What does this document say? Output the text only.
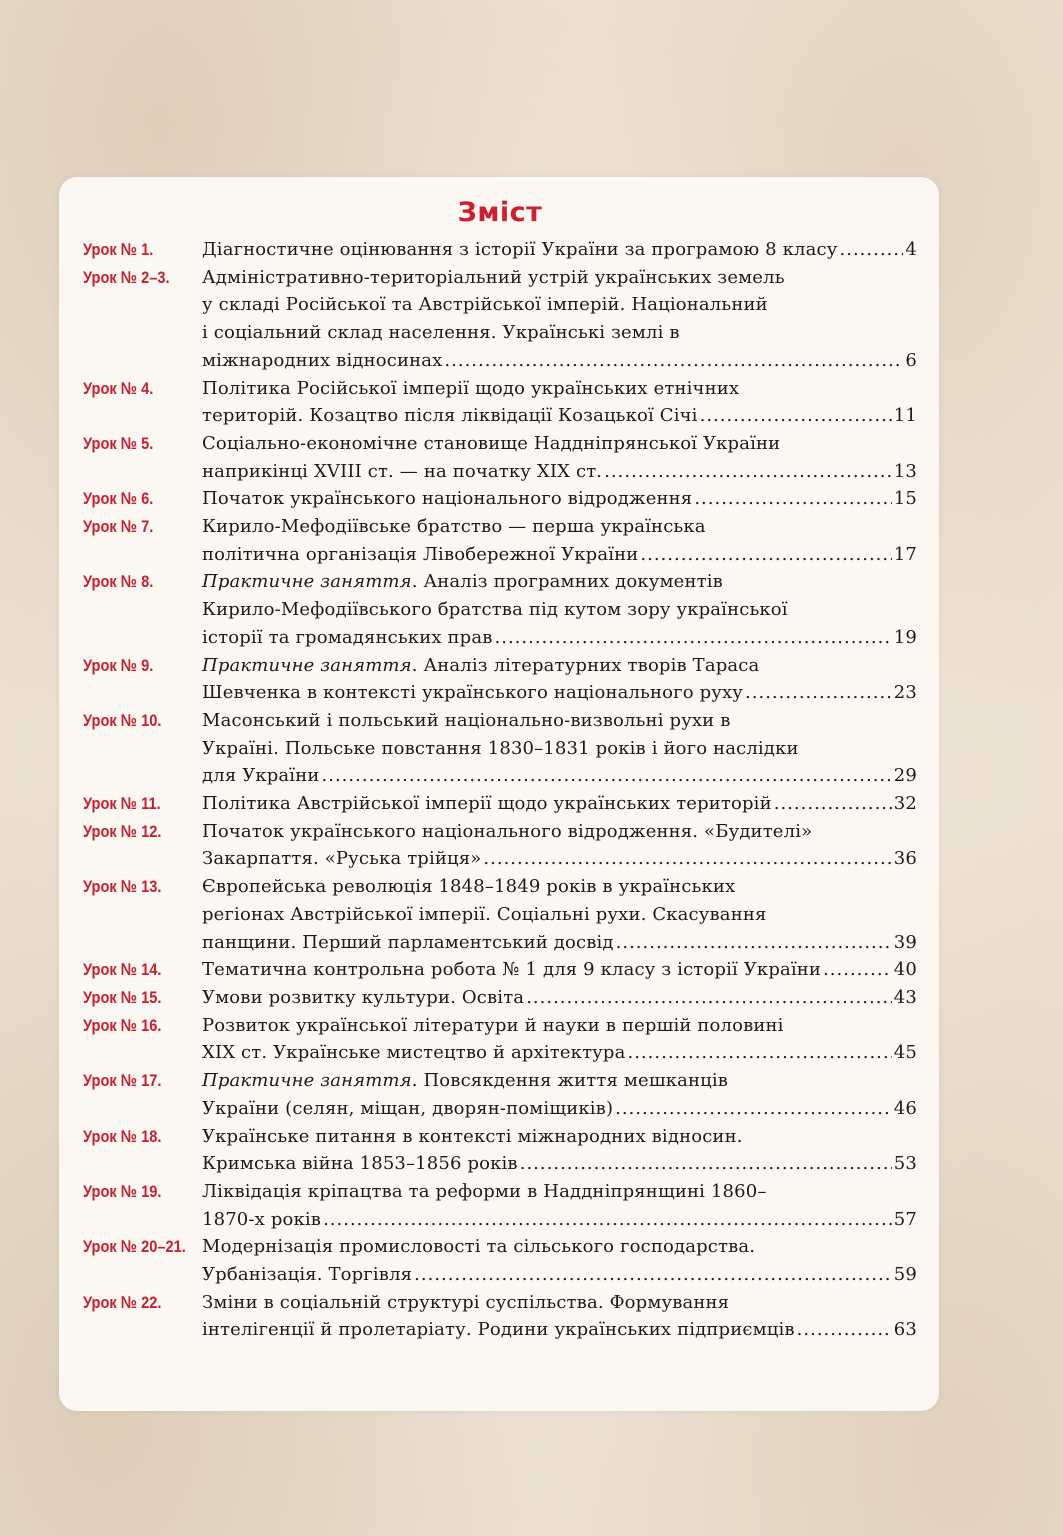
Зміст
Урок № 1.	Діагностичне оцінювання з історії України за програмою 8 класу .....	4
Урок № 2–3. Адміністративно-територіальний устрій українських земель
у складі Російської та Австрійської імперій. Національний
і соціальний склад населення. Українські землі в
міжнародних відносинах .....	6
Урок № 4.	Політика Російської імперії щодо українських етнічних
територій. Козацтво після ліквідації Козацької Січі .....	11
Урок № 5.	Соціально-економічне становище Наддніпрянської України
наприкінці XVIII ст. — на початку XIX ст. .....	13
Урок № 6.	Початок українського національного відродження .....	15
Урок № 7.	Кирило-Мефодіївське братство — перша українська
політична організація Лівобережної України .....	17
Урок № 8.	Практичне заняття. Аналіз програмних документів
Кирило-Мефодіївського братства під кутом зору української
історії та громадянських прав .....	19
Урок № 9.	Практичне заняття. Аналіз літературних творів Тараса
Шевченка в контексті українського національного руху .....	23
Урок № 10. Масонський і польський національно-визвольні рухи в
Україні. Польське повстання 1830–1831 років і його наслідки
для України .....	29
Урок № 11. Політика Австрійської імперії щодо українських територій .....	32
Урок № 12. Початок українського національного відродження. «Будителі»
Закарпаття. «Руська трійця» .....	36
Урок № 13. Європейська революція 1848–1849 років в українських
регіонах Австрійської імперії. Соціальні рухи. Скасування
панщини. Перший парламентський досвід .....	39
Урок № 14. Тематична контрольна робота № 1 для 9 класу з історії України .....	40
Урок № 15. Умови розвитку культури. Освіта .....	43
Урок № 16. Розвиток української літератури й науки в першій половині
XIX ст. Українське мистецтво й архітектура .....	45
Урок № 17. Практичне заняття. Повсякдення життя мешканців
України (селян, міщан, дворян-поміщиків) .....	46
Урок № 18. Українське питання в контексті міжнародних відносин.
Кримська війна 1853–1856 років .....	53
Урок № 19. Ліквідація кріпацтва та реформи в Наддніпрянщині 1860–
1870-х років .....	57
Урок № 20–21. Модернізація промисловості та сільського господарства.
Урбанізація. Торгівля .....	59
Урок № 22. Зміни в соціальній структурі суспільства. Формування
інтелігенції й пролетаріату. Родини українських підприємців .....	63
